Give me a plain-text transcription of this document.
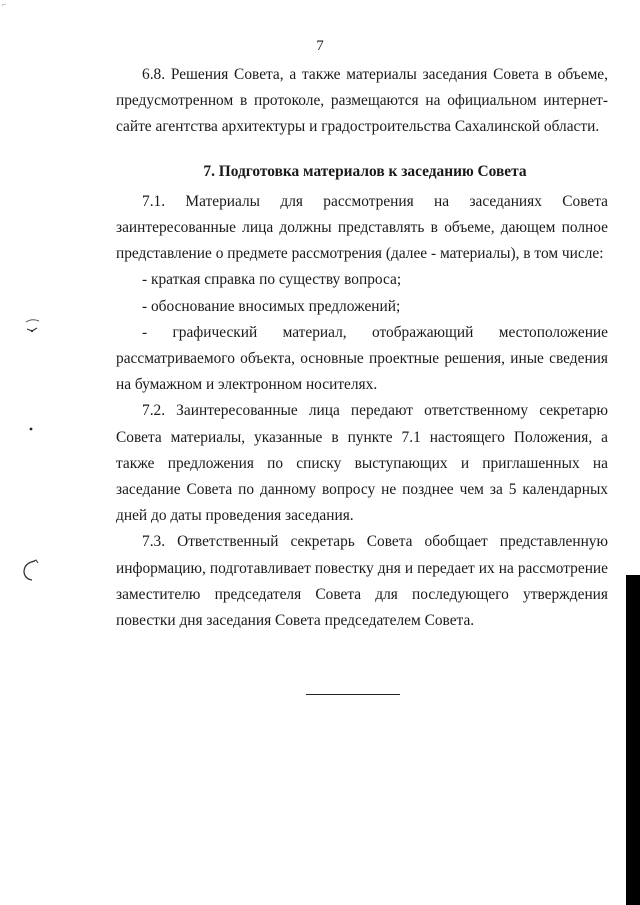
⌐
7

6.8. Решения Совета, а также материалы заседания Совета в объеме, предусмотренном в протоколе, размещаются на официальном интернет-сайте агентства архитектуры и градостроительства Сахалинской области.

7. Подготовка материалов к заседанию Совета

7.1. Материалы для рассмотрения на заседаниях Совета заинтересованные лица должны представлять в объеме, дающем полное представление о предмете рассмотрения (далее - материалы), в том числе:

- краткая справка по существу вопроса;

- обоснование вносимых предложений;

- графический материал, отображающий местоположение рассматриваемого объекта, основные проектные решения, иные сведения на бумажном и электронном носителях.

7.2. Заинтересованные лица передают ответственному секретарю Совета материалы, указанные в пункте 7.1 настоящего Положения, а также предложения по списку выступающих и приглашенных на заседание Совета по данному вопросу не позднее чем за 5 календарных дней до даты проведения заседания.

7.3. Ответственный секретарь Совета обобщает представленную информацию, подготавливает повестку дня и передает их на рассмотрение заместителю председателя Совета для последующего утверждения повестки дня заседания Совета председателем Совета.
